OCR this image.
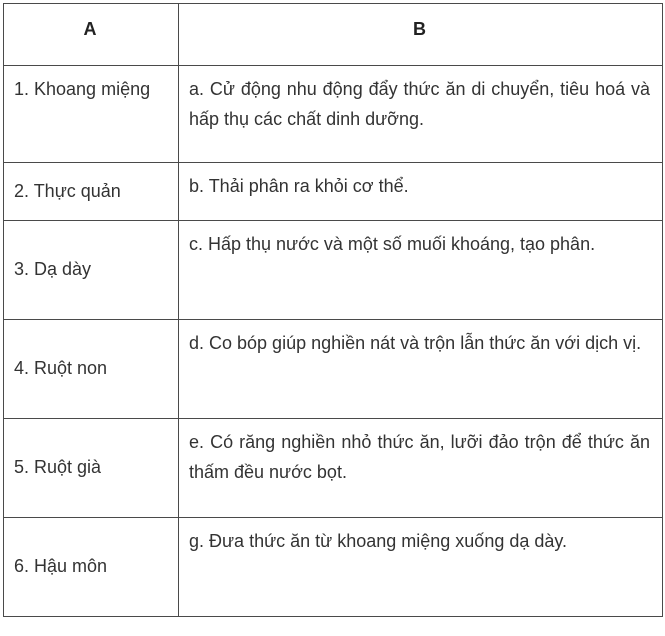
A	B
1. Khoang miệng	a. Cử động nhu động đẩy thức ăn di chuyển, tiêu hoá và hấp thụ các chất dinh dưỡng.
2. Thực quản	b. Thải phân ra khỏi cơ thể.
3. Dạ dày	c. Hấp thụ nước và một số muối khoáng, tạo phân.
4. Ruột non	d. Co bóp giúp nghiền nát và trộn lẫn thức ăn với dịch vị.
5. Ruột già	e. Có răng nghiền nhỏ thức ăn, lưỡi đảo trộn để thức ăn thấm đều nước bọt.
6. Hậu môn	g. Đưa thức ăn từ khoang miệng xuống dạ dày.
